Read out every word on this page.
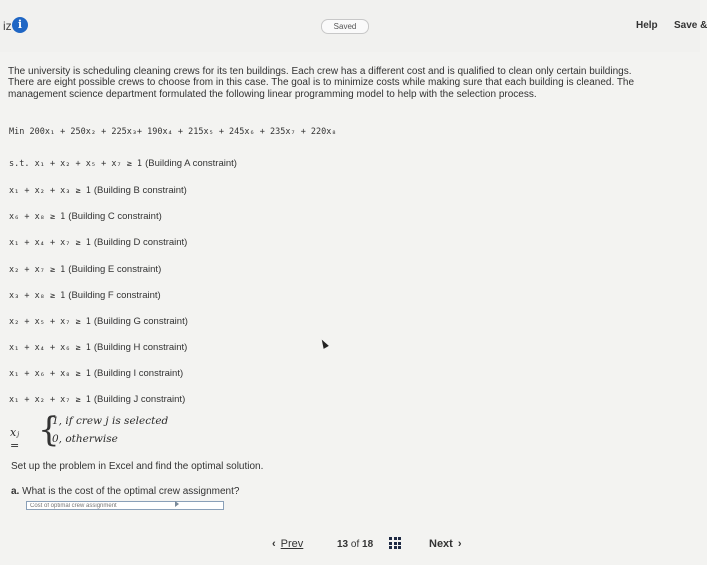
iz i	Saved	Help Save &

The university is scheduling cleaning crews for its ten buildings. Each crew has a different cost and is qualified to clean only certain buildings. There are eight possible crews to choose from in this case. The goal is to minimize costs while making sure that each building is cleaned. The management science department formulated the following linear programming model to help with the selection process.

Min 200x₁ + 250x₂ + 225x₃+ 190x₄ + 215x₅ + 245x₆ + 235x₇ + 220x₈
s.t. x₁ + x₂ + x₅ + x₇ ≥ 1 (Building A constraint)
x₁ + x₂ + x₃ ≥ 1 (Building B constraint)
x₆ + x₈ ≥ 1 (Building C constraint)
x₁ + x₄ + x₇ ≥ 1 (Building D constraint)
x₂ + x₇ ≥ 1 (Building E constraint)
x₃ + x₈ ≥ 1 (Building F constraint)
x₂ + x₅ + x₇ ≥ 1 (Building G constraint)
x₁ + x₄ + x₆ ≥ 1 (Building H constraint)
x₁ + x₆ + x₈ ≥ 1 (Building I constraint)
x₁ + x₂ + x₇ ≥ 1 (Building J constraint)
xⱼ = {
1, if crew j is selected
0, otherwise
Set up the problem in Excel and find the optimal solution.
a. What is the cost of the optimal crew assignment?
Cost of optimal crew assignment
‹ Prev	13 of 18	Next ›
